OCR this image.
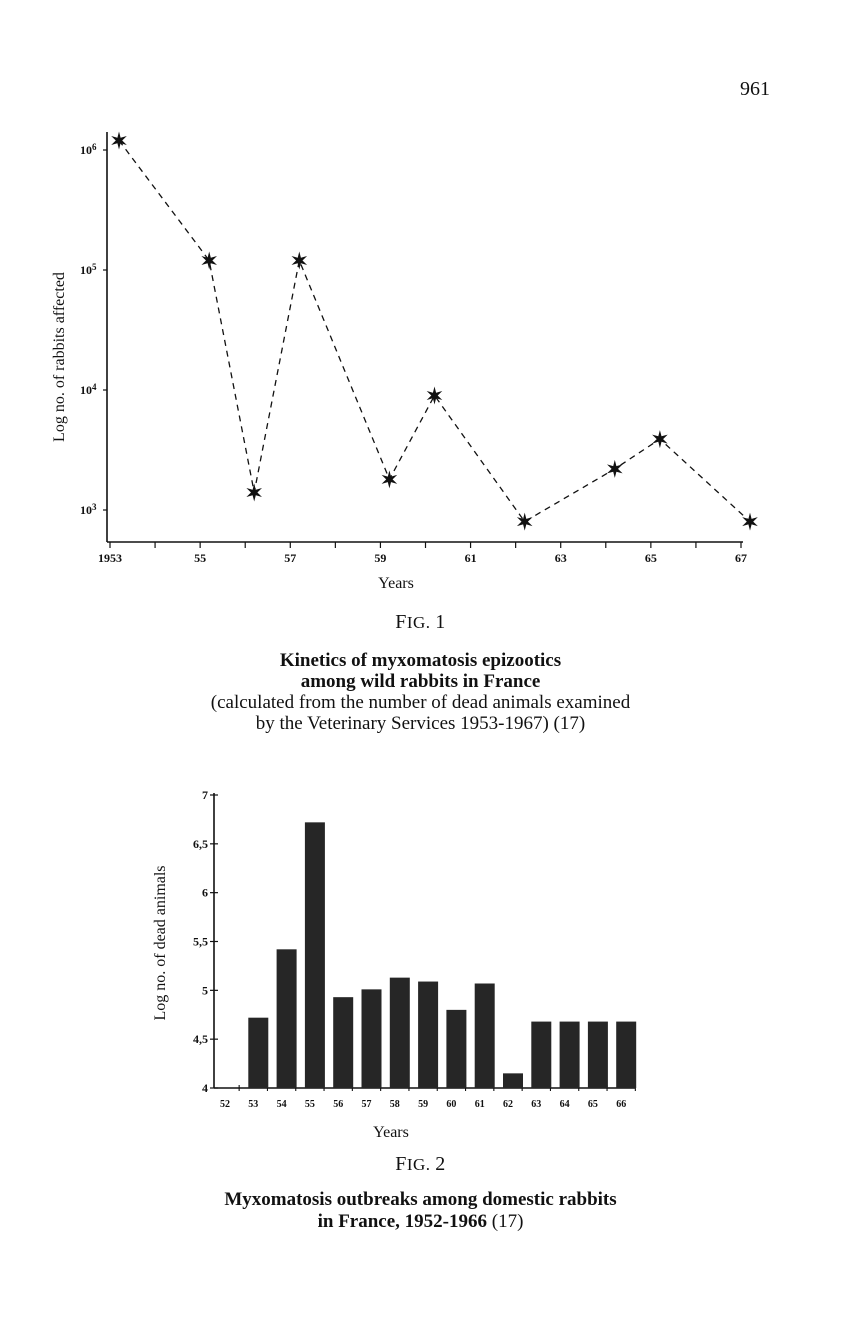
961
$10^3$
$10^4$
$10^5$
$10^6$
1953	55	57	59	61	63	65	67
Log no. of rabbits affected
Years
FIG. 1
Kinetics of myxomatosis epizootics
among wild rabbits in France
(calculated from the number of dead animals examined
by the Veterinary Services 1953-1967) (17)
4
4,5
5
5,5
6
6,5
7
52 53 54 55 56 57 58 59 60 61 62 63 64 65 66
Log no. of dead animals
Years
FIG. 2
Myxomatosis outbreaks among domestic rabbits
in France, 1952-1966 (17)
